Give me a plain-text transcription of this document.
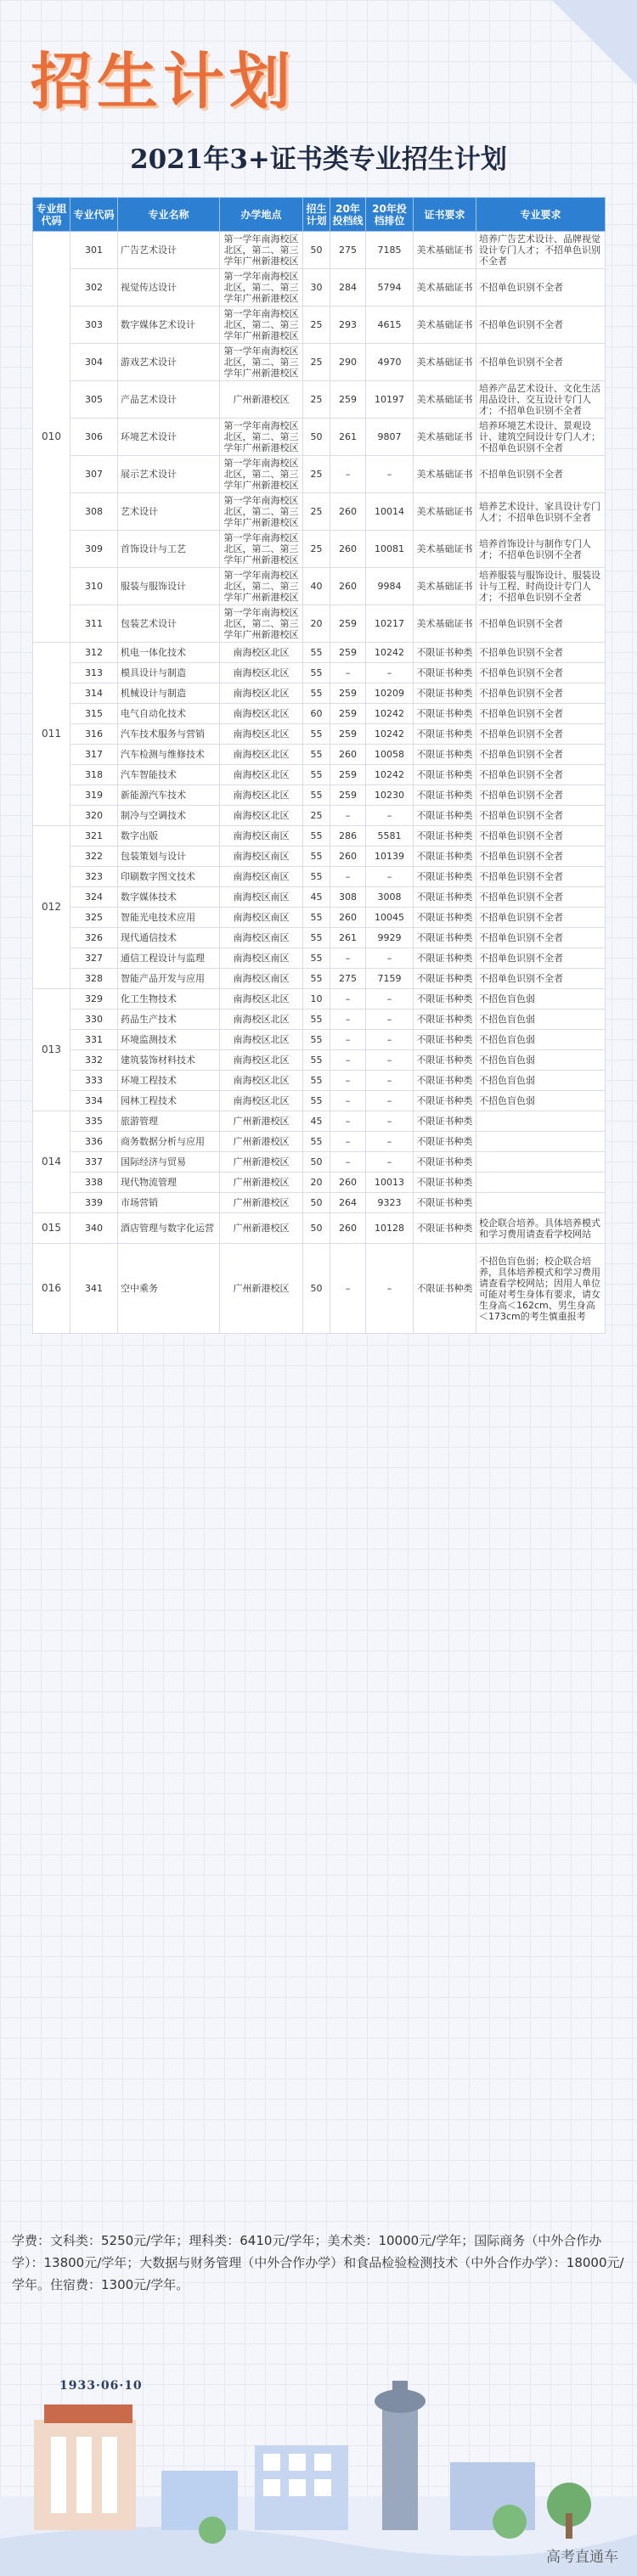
招生计划
2021年3+证书类专业招生计划
专业组代码	专业代码	专业名称	办学地点	招生计划	20年投档线	20年投档排位	证书要求	专业要求
010	301	广告艺术设计	第一学年南海校区北区，第二、第三学年广州新港校区	50	275	7185	美术基础证书	培养广告艺术设计、品牌视觉设计专门人才；不招单色识别不全者
	302	视觉传达设计	第一学年南海校区北区，第二、第三学年广州新港校区	30	284	5794	美术基础证书	不招单色识别不全者
	303	数字媒体艺术设计	第一学年南海校区北区，第二、第三学年广州新港校区	25	293	4615	美术基础证书	不招单色识别不全者
	304	游戏艺术设计	第一学年南海校区北区，第二、第三学年广州新港校区	25	290	4970	美术基础证书	不招单色识别不全者
	305	产品艺术设计	广州新港校区	25	259	10197	美术基础证书	培养产品艺术设计、文化生活用品设计、交互设计专门人才；不招单色识别不全者
	306	环境艺术设计	第一学年南海校区北区，第二、第三学年广州新港校区	50	261	9807	美术基础证书	培养环境艺术设计、景观设计、建筑空间设计专门人才；不招单色识别不全者
	307	展示艺术设计	第一学年南海校区北区，第二、第三学年广州新港校区	25	–	–	美术基础证书	不招单色识别不全者
	308	艺术设计	第一学年南海校区北区，第二、第三学年广州新港校区	25	260	10014	美术基础证书	培养艺术设计、家具设计专门人才；不招单色识别不全者
	309	首饰设计与工艺	第一学年南海校区北区，第二、第三学年广州新港校区	25	260	10081	美术基础证书	培养首饰设计与制作专门人才；不招单色识别不全者
	310	服装与服饰设计	第一学年南海校区北区，第二、第三学年广州新港校区	40	260	9984	美术基础证书	培养服装与服饰设计、服装设计与工程、时尚设计专门人才；不招单色识别不全者
	311	包装艺术设计	第一学年南海校区北区，第二、第三学年广州新港校区	20	259	10217	美术基础证书	不招单色识别不全者
011	312	机电一体化技术	南海校区北区	55	259	10242	不限证书种类	不招单色识别不全者
	313	模具设计与制造	南海校区北区	55	–	–	不限证书种类	不招单色识别不全者
	314	机械设计与制造	南海校区北区	55	259	10209	不限证书种类	不招单色识别不全者
	315	电气自动化技术	南海校区北区	60	259	10242	不限证书种类	不招单色识别不全者
	316	汽车技术服务与营销	南海校区北区	55	259	10242	不限证书种类	不招单色识别不全者
	317	汽车检测与维修技术	南海校区北区	55	260	10058	不限证书种类	不招单色识别不全者
	318	汽车智能技术	南海校区北区	55	259	10242	不限证书种类	不招单色识别不全者
	319	新能源汽车技术	南海校区北区	55	259	10230	不限证书种类	不招单色识别不全者
	320	制冷与空调技术	南海校区北区	25	–	–	不限证书种类	不招单色识别不全者
012	321	数字出版	南海校区南区	55	286	5581	不限证书种类	不招单色识别不全者
	322	包装策划与设计	南海校区南区	55	260	10139	不限证书种类	不招单色识别不全者
	323	印刷数字图文技术	南海校区南区	55	–	–	不限证书种类	不招单色识别不全者
	324	数字媒体技术	南海校区南区	45	308	3008	不限证书种类	不招单色识别不全者
	325	智能光电技术应用	南海校区南区	55	260	10045	不限证书种类	不招单色识别不全者
	326	现代通信技术	南海校区南区	55	261	9929	不限证书种类	不招单色识别不全者
	327	通信工程设计与监理	南海校区南区	55	–	–	不限证书种类	不招单色识别不全者
	328	智能产品开发与应用	南海校区南区	55	275	7159	不限证书种类	不招单色识别不全者
013	329	化工生物技术	南海校区北区	10	–	–	不限证书种类	不招色盲色弱
	330	药品生产技术	南海校区北区	55	–	–	不限证书种类	不招色盲色弱
	331	环境监测技术	南海校区北区	55	–	–	不限证书种类	不招色盲色弱
	332	建筑装饰材料技术	南海校区北区	55	–	–	不限证书种类	不招色盲色弱
	333	环境工程技术	南海校区北区	55	–	–	不限证书种类	不招色盲色弱
	334	园林工程技术	南海校区北区	55	–	–	不限证书种类	不招色盲色弱
014	335	旅游管理	广州新港校区	45	–	–	不限证书种类	
	336	商务数据分析与应用	广州新港校区	55	–	–	不限证书种类	
	337	国际经济与贸易	广州新港校区	50	–	–	不限证书种类	
	338	现代物流管理	广州新港校区	20	260	10013	不限证书种类	
	339	市场营销	广州新港校区	50	264	9323	不限证书种类	
015	340	酒店管理与数字化运营	广州新港校区	50	260	10128	不限证书种类	校企联合培养。具体培养模式和学习费用请查看学校网站
016	341	空中乘务	广州新港校区	50	–	–	不限证书种类	不招色盲色弱；校企联合培养，具体培养模式和学习费用请查看学校网站；因用人单位可能对考生身体有要求，请女生身高＜162cm、男生身高＜173cm的考生慎重报考
学费：文科类：5250元/学年；理科类：6410元/学年；美术类：10000元/学年；国际商务（中外合作办学）：13800元/学年；大数据与财务管理（中外合作办学）和食品检验检测技术（中外合作办学）：18000元/学年。住宿费：1300元/学年。
1933·06·10
高考直通车
